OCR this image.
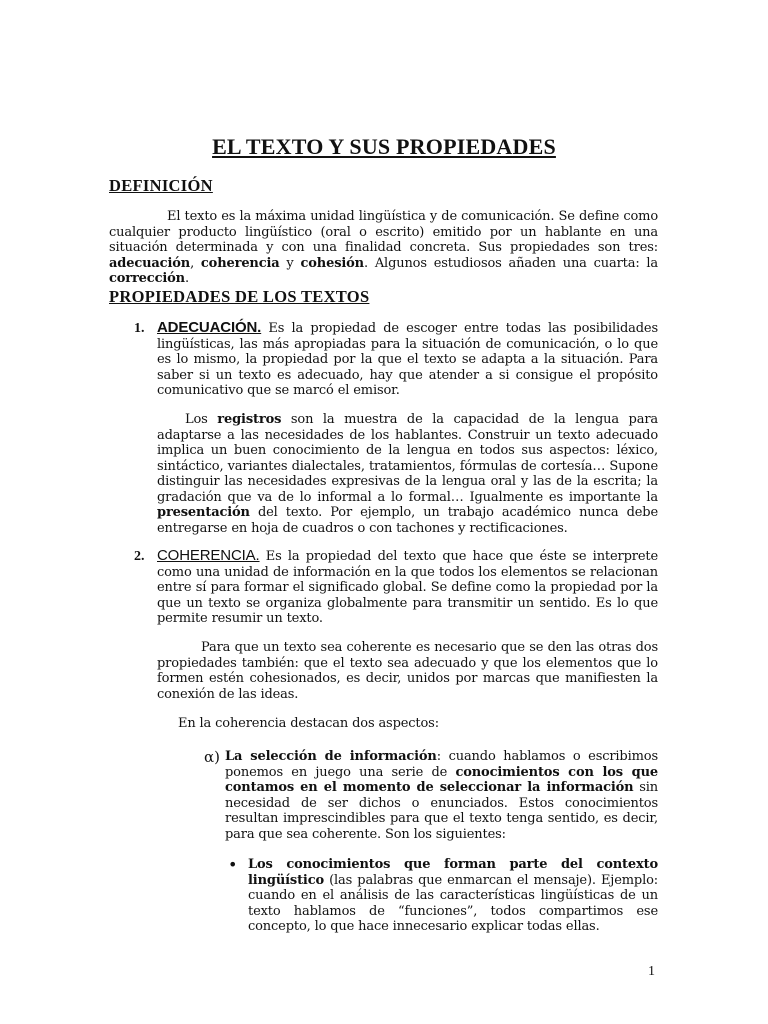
EL TEXTO Y SUS PROPIEDADES
DEFINICIÓN
El texto es la máxima unidad lingüística y de comunicación. Se define como cualquier producto lingüístico (oral o escrito) emitido por un hablante en una situación determinada y con una finalidad concreta. Sus propiedades son tres: adecuación, coherencia y cohesión. Algunos estudiosos añaden una cuarta: la corrección.
PROPIEDADES DE LOS TEXTOS
1. ADECUACIÓN. Es la propiedad de escoger entre todas las posibilidades lingüísticas, las más apropiadas para la situación de comunicación, o lo que es lo mismo, la propiedad por la que el texto se adapta a la situación. Para saber si un texto es adecuado, hay que atender a si consigue el propósito comunicativo que se marcó el emisor.
Los registros son la muestra de la capacidad de la lengua para adaptarse a las necesidades de los hablantes. Construir un texto adecuado implica un buen conocimiento de la lengua en todos sus aspectos: léxico, sintáctico, variantes dialectales, tratamientos, fórmulas de cortesía… Supone distinguir las necesidades expresivas de la lengua oral y las de la escrita; la gradación que va de lo informal a lo formal… Igualmente es importante la presentación del texto. Por ejemplo, un trabajo académico nunca debe entregarse en hoja de cuadros o con tachones y rectificaciones.
2. COHERENCIA. Es la propiedad del texto que hace que éste se interprete como una unidad de información en la que todos los elementos se relacionan entre sí para formar el significado global. Se define como la propiedad por la que un texto se organiza globalmente para transmitir un sentido. Es lo que permite resumir un texto.
Para que un texto sea coherente es necesario que se den las otras dos propiedades también: que el texto sea adecuado y que los elementos que lo formen estén cohesionados, es decir, unidos por marcas que manifiesten la conexión de las ideas.
En la coherencia destacan dos aspectos:
α) La selección de información: cuando hablamos o escribimos ponemos en juego una serie de conocimientos con los que contamos en el momento de seleccionar la información sin necesidad de ser dichos o enunciados. Estos conocimientos resultan imprescindibles para que el texto tenga sentido, es decir, para que sea coherente. Son los siguientes:
• Los conocimientos que forman parte del contexto lingüístico (las palabras que enmarcan el mensaje). Ejemplo: cuando en el análisis de las características lingüísticas de un texto hablamos de “funciones”, todos compartimos ese concepto, lo que hace innecesario explicar todas ellas.
1
